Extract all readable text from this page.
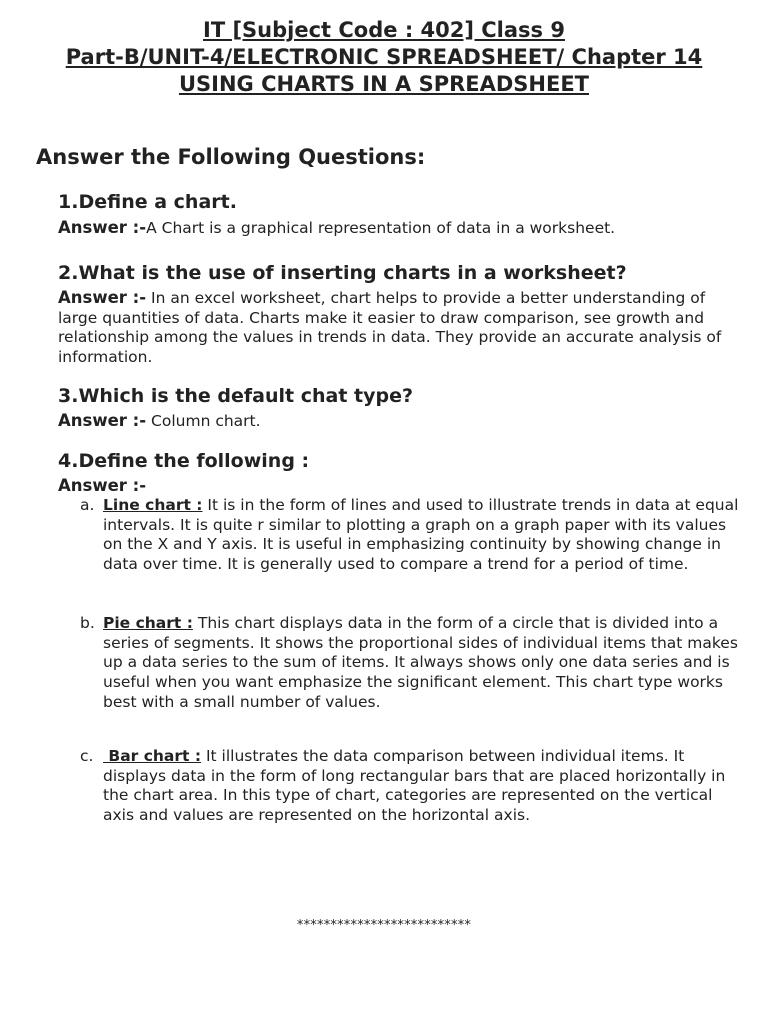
IT [Subject Code : 402] Class 9
Part-B/UNIT-4/ELECTRONIC SPREADSHEET/ Chapter 14
USING CHARTS IN A SPREADSHEET
Answer the Following Questions:
1.Define a chart.
Answer :-A Chart is a graphical representation of data in a worksheet.
2.What is the use of inserting charts in a worksheet?
Answer :- In an excel worksheet, chart helps to provide a better understanding of large quantities of data. Charts make it easier to draw comparison, see growth and relationship among the values in trends in data. They provide an accurate analysis of information.
3.Which is the default chat type?
Answer :- Column chart.
4.Define the following :
Answer :-
a. Line chart : It is in the form of lines and used to illustrate trends in data at equal intervals. It is quite r similar to plotting a graph on a graph paper with its values on the X and Y axis. It is useful in emphasizing continuity by showing change in data over time. It is generally used to compare a trend for a period of time.
b. Pie chart : This chart displays data in the form of a circle that is divided into a series of segments. It shows the proportional sides of individual items that makes up a data series to the sum of items. It always shows only one data series and is useful when you want emphasize the significant element. This chart type works best with a small number of values.
c. Bar chart : It illustrates the data comparison between individual items. It displays data in the form of long rectangular bars that are placed horizontally in the chart area. In this type of chart, categories are represented on the vertical axis and values are represented on the horizontal axis.
**************************
